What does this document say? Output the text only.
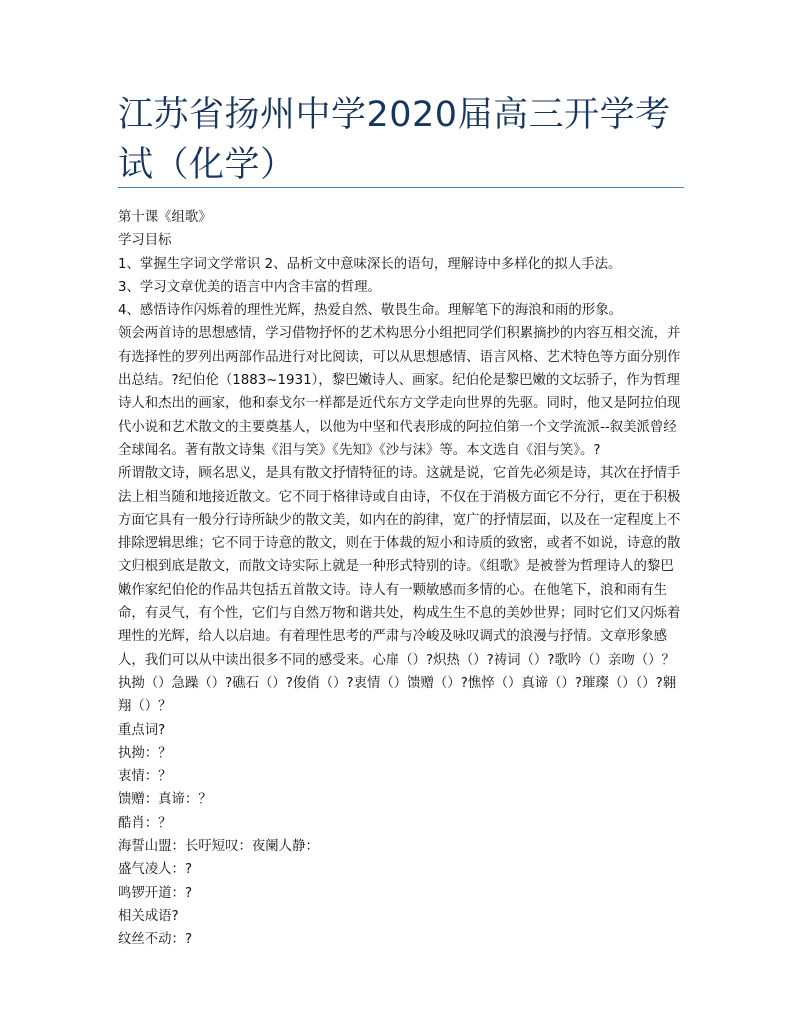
江苏省扬州中学2020届高三开学考试（化学）

第十课《组歌》

学习目标

1、掌握生字词文学常识 2、品析文中意味深长的语句，理解诗中多样化的拟人手法。

3、学习文章优美的语言中内含丰富的哲理。

4、感悟诗作闪烁着的理性光辉，热爱自然、敬畏生命。理解笔下的海浪和雨的形象。

领会两首诗的思想感情，学习借物抒怀的艺术构思分小组把同学们积累摘抄的内容互相交流，并有选择性的罗列出两部作品进行对比阅读，可以从思想感情、语言风格、艺术特色等方面分别作出总结。?纪伯伦（1883~1931），黎巴嫩诗人、画家。纪伯伦是黎巴嫩的文坛骄子，作为哲理诗人和杰出的画家，他和泰戈尔一样都是近代东方文学走向世界的先驱。同时，他又是阿拉伯现代小说和艺术散文的主要奠基人，以他为中坚和代表形成的阿拉伯第一个文学流派--叙美派曾经全球闻名。著有散文诗集《泪与笑》《先知》《沙与沫》等。本文选自《泪与笑》。?

所谓散文诗，顾名思义，是具有散文抒情特征的诗。这就是说，它首先必须是诗，其次在抒情手法上相当随和地接近散文。它不同于格律诗或自由诗，不仅在于消极方面它不分行，更在于积极方面它具有一般分行诗所缺少的散文美，如内在的韵律，宽广的抒情层面，以及在一定程度上不排除逻辑思维；它不同于诗意的散文，则在于体裁的短小和诗质的致密，或者不如说，诗意的散文归根到底是散文，而散文诗实际上就是一种形式特别的诗。《组歌》是被誉为哲理诗人的黎巴嫩作家纪伯伦的作品共包括五首散文诗。诗人有一颗敏感而多情的心。在他笔下，浪和雨有生命，有灵气，有个性，它们与自然万物和谐共处，构成生生不息的美妙世界；同时它们又闪烁着理性的光辉，给人以启迪。有着理性思考的严肃与冷峻及咏叹调式的浪漫与抒情。文章形象感人，我们可以从中读出很多不同的感受来。心扉（）?炽热（）?祷词（）?歌吟（）亲吻（）？

执拗（）急躁（）?礁石（）?俊俏（）?衷情（）馈赠（）?憔悴（）真谛（）?璀璨（）（）?翱翔（）？

重点词?

执拗：？

衷情：？

馈赠：真谛：？

酷肖：？

海誓山盟：长吁短叹：夜阑人静：

盛气凌人：?

鸣锣开道：?

相关成语?

纹丝不动：?
